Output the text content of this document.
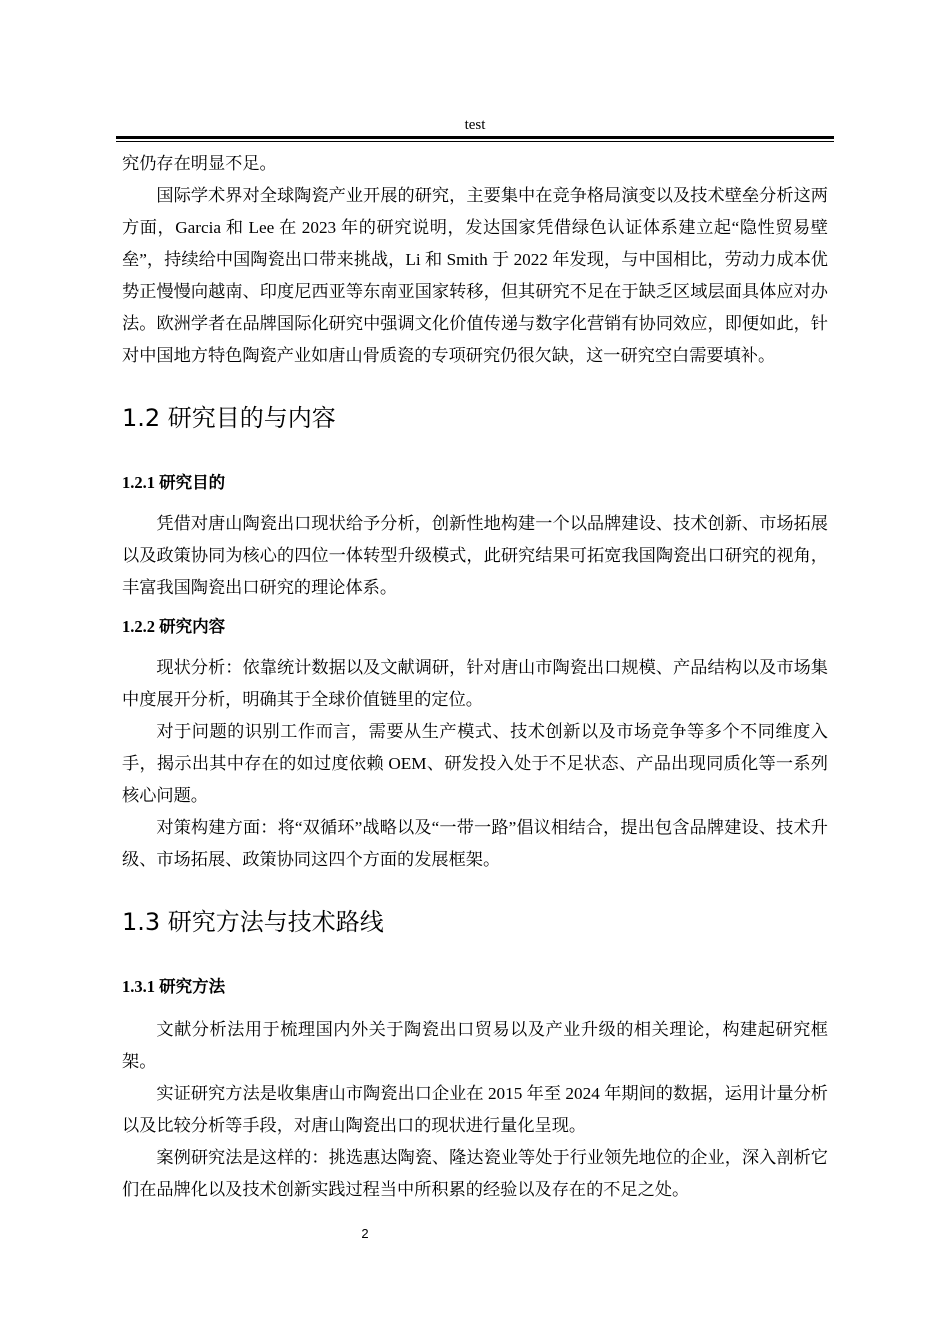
test

究仍存在明显不足。

国际学术界对全球陶瓷产业开展的研究，主要集中在竞争格局演变以及技术壁垒分析这两方面，Garcia 和 Lee 在 2023 年的研究说明，发达国家凭借绿色认证体系建立起“隐性贸易壁垒”，持续给中国陶瓷出口带来挑战，Li 和 Smith 于 2022 年发现，与中国相比，劳动力成本优势正慢慢向越南、印度尼西亚等东南亚国家转移，但其研究不足在于缺乏区域层面具体应对办法。欧洲学者在品牌国际化研究中强调文化价值传递与数字化营销有协同效应，即便如此，针对中国地方特色陶瓷产业如唐山骨质瓷的专项研究仍很欠缺，这一研究空白需要填补。

1.2 研究目的与内容
1.2.1 研究目的

凭借对唐山陶瓷出口现状给予分析，创新性地构建一个以品牌建设、技术创新、市场拓展以及政策协同为核心的四位一体转型升级模式，此研究结果可拓宽我国陶瓷出口研究的视角，丰富我国陶瓷出口研究的理论体系。

1.2.2 研究内容

现状分析：依靠统计数据以及文献调研，针对唐山市陶瓷出口规模、产品结构以及市场集中度展开分析，明确其于全球价值链里的定位。

对于问题的识别工作而言，需要从生产模式、技术创新以及市场竞争等多个不同维度入手，揭示出其中存在的如过度依赖 OEM、研发投入处于不足状态、产品出现同质化等一系列核心问题。

对策构建方面：将“双循环”战略以及“一带一路”倡议相结合，提出包含品牌建设、技术升级、市场拓展、政策协同这四个方面的发展框架。

1.3 研究方法与技术路线
1.3.1 研究方法

文献分析法用于梳理国内外关于陶瓷出口贸易以及产业升级的相关理论，构建起研究框架。

实证研究方法是收集唐山市陶瓷出口企业在 2015 年至 2024 年期间的数据，运用计量分析以及比较分析等手段，对唐山陶瓷出口的现状进行量化呈现。

案例研究法是这样的：挑选惠达陶瓷、隆达瓷业等处于行业领先地位的企业，深入剖析它们在品牌化以及技术创新实践过程当中所积累的经验以及存在的不足之处。

2
